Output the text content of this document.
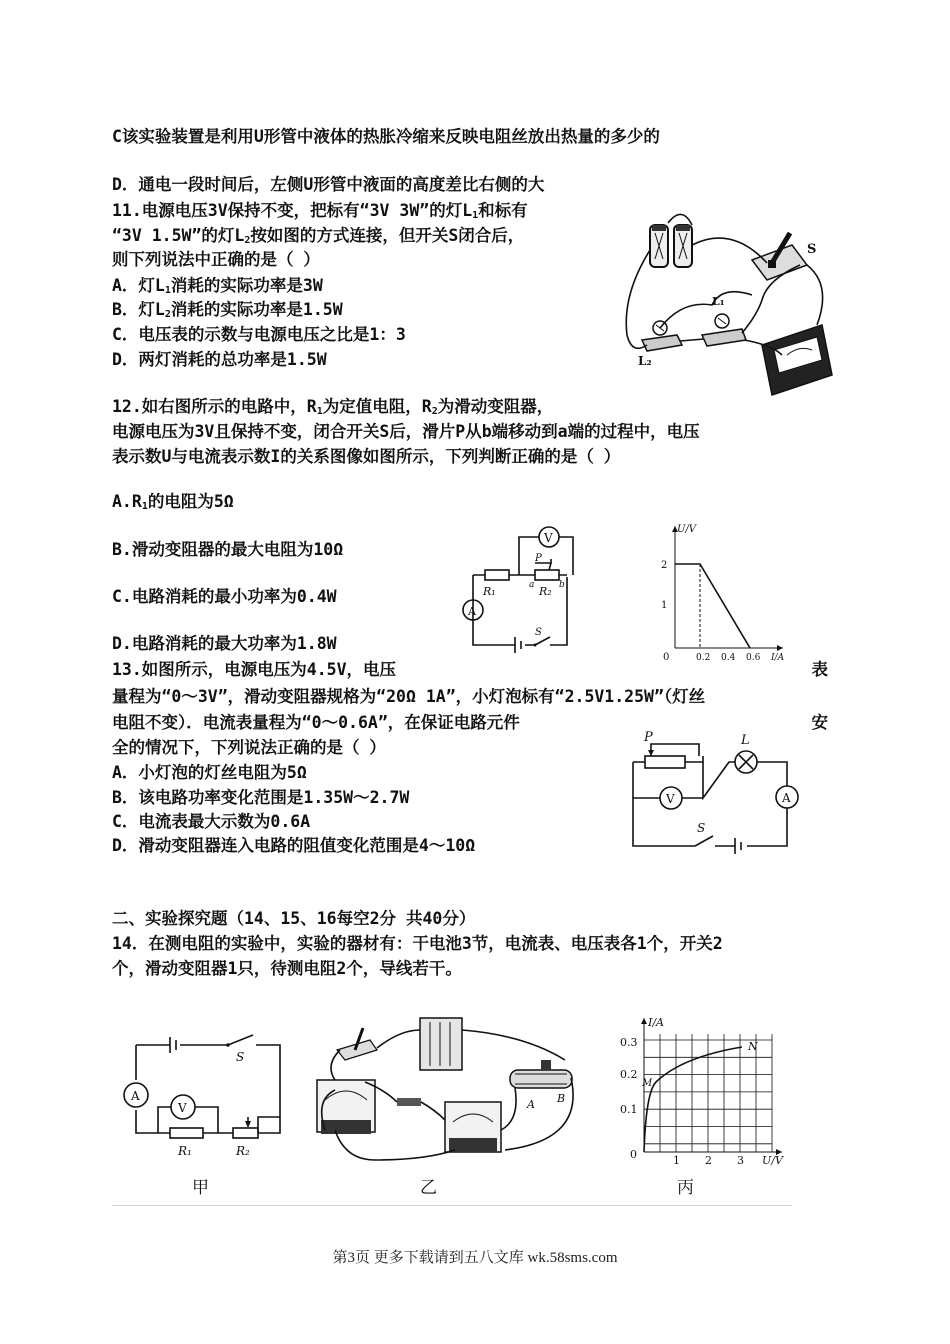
C该实验装置是利用U形管中液体的热胀冷缩来反映电阻丝放出热量的多少的
D．通电一段时间后，左侧U形管中液面的高度差比右侧的大
11.电源电压3V保持不变，把标有“3V 3W”的灯$L_1$和标有
“3V 1.5W”的灯$L_2$按如图的方式连接，但开关S闭合后，
则下列说法中正确的是（ ）
A．灯$L_1$消耗的实际功率是3W
B．灯$L_2$消耗的实际功率是1.5W
C．电压表的示数与电源电压之比是1：3
D．两灯消耗的总功率是1.5W
S
L₁
L₂
12.如右图所示的电路中，$R_1$为定值电阻，$R_2$为滑动变阻器，
电源电压为3V且保持不变，闭合开关S后，滑片P从b端移动到a端的过程中，电压
表示数U与电流表示数I的关系图像如图所示，下列判断正确的是（ ）
$A.R_1$的电阻为5Ω
B.滑动变阻器的最大电阻为10Ω
C.电路消耗的最小功率为0.4W
D.电路消耗的最大功率为1.8W
V
A
R₁	R₂
P
a	b
S
U/V
I/A
2
1
0	0.2 0.4 0.6
13.如图所示，电源电压为4.5V，电压	表
量程为“0～3V”，滑动变阻器规格为“20Ω 1A”，小灯泡标有“2.5V1.25W”（灯丝
电阻不变）．电流表量程为“0～0.6A”，在保证电路元件	安
全的情况下，下列说法正确的是（ ）
A．小灯泡的灯丝电阻为5Ω
B．该电路功率变化范围是1.35W～2.7W
C．电流表最大示数为0.6A
D．滑动变阻器连入电路的阻值变化范围是4～10Ω
P	L
V	A
S
二、实验探究题（14、15、16每空2分 共40分）
14．在测电阻的实验中，实验的器材有：干电池3节，电流表、电压表各1个，开关2
个，滑动变阻器1只，待测电阻2个，导线若干。
A
V
S
R₁	R₂
甲
A B
乙
I/A
U/V
0.3
0.2
0.1
0	1 2 3
M
N
丙
第3页 更多下载请到五八文库 wk.58sms.com
